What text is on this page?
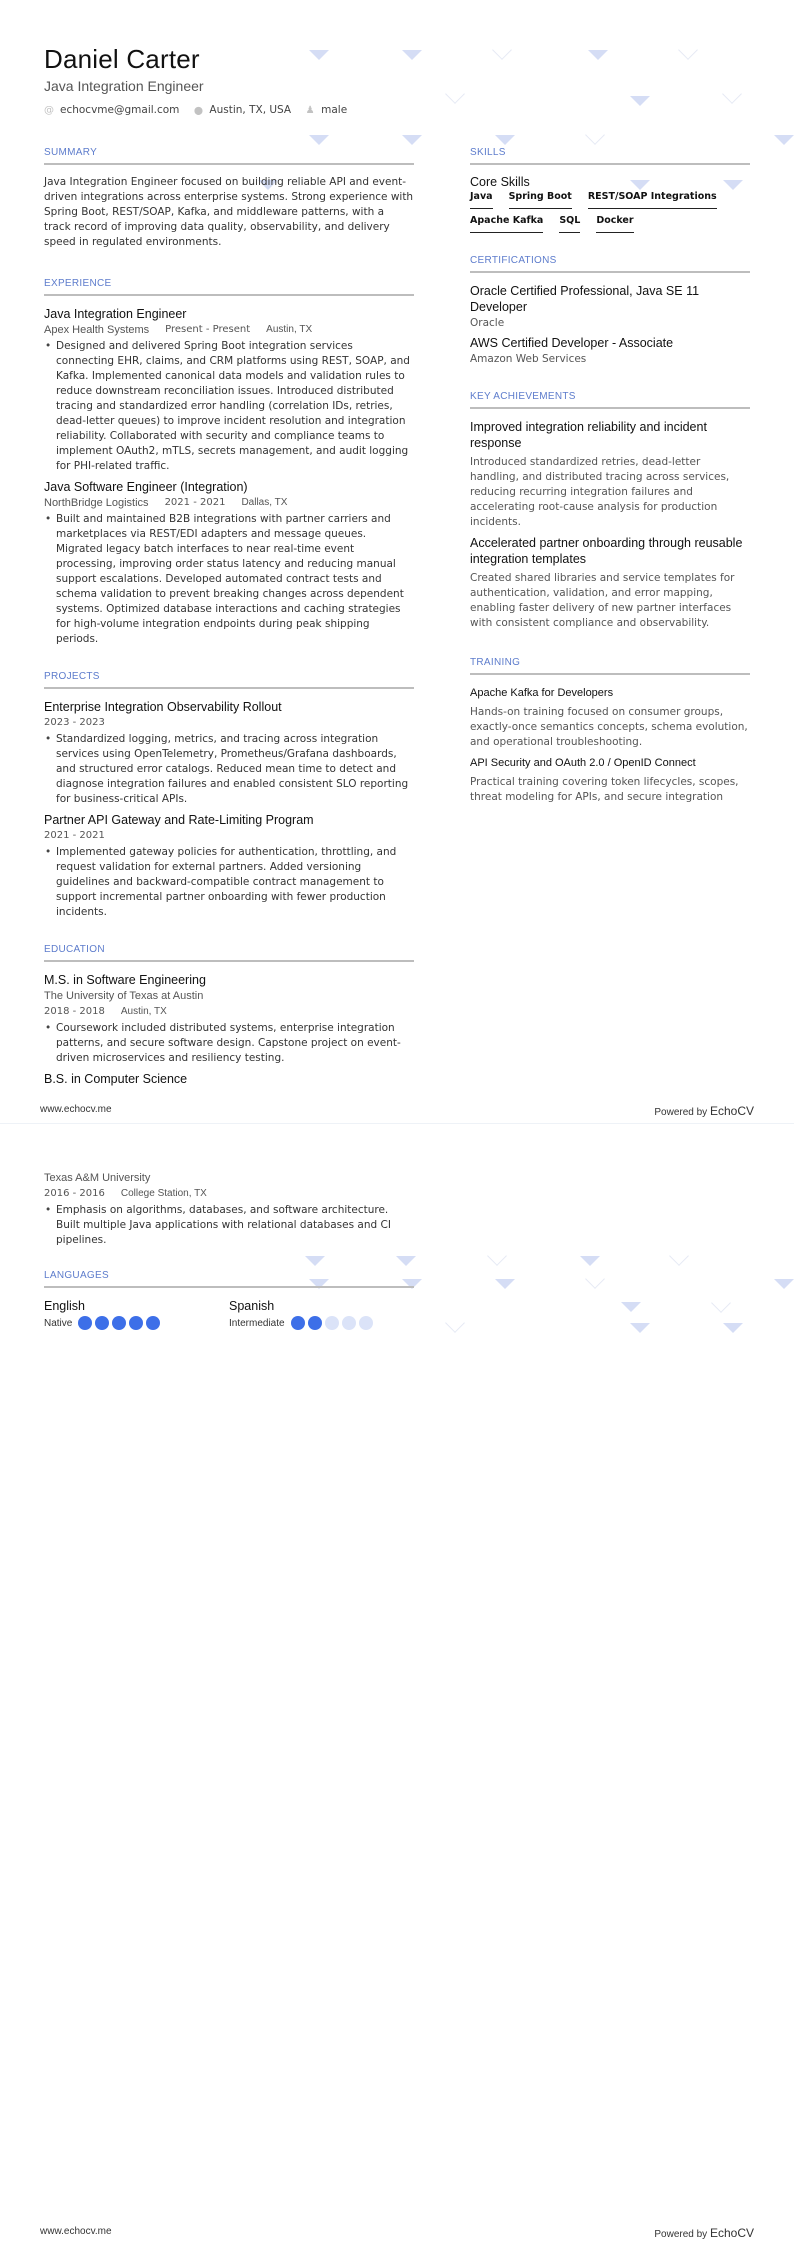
Daniel Carter
Java Integration Engineer
@ echocvme@gmail.com ⬤ Austin, TX, USA ♟ male
SUMMARY
Java Integration Engineer focused on building reliable API and event-driven integrations across enterprise systems. Strong experience with Spring Boot, REST/SOAP, Kafka, and middleware patterns, with a track record of improving data quality, observability, and delivery speed in regulated environments.
EXPERIENCE
Java Integration Engineer
Apex Health Systems Present - Present Austin, TX
• Designed and delivered Spring Boot integration services connecting EHR, claims, and CRM platforms using REST, SOAP, and Kafka. Implemented canonical data models and validation rules to reduce downstream reconciliation issues. Introduced distributed tracing and standardized error handling (correlation IDs, retries, dead-letter queues) to improve incident resolution and integration reliability. Collaborated with security and compliance teams to implement OAuth2, mTLS, secrets management, and audit logging for PHI-related traffic.
Java Software Engineer (Integration)
NorthBridge Logistics 2021 - 2021 Dallas, TX
• Built and maintained B2B integrations with partner carriers and marketplaces via REST/EDI adapters and message queues. Migrated legacy batch interfaces to near real-time event processing, improving order status latency and reducing manual support escalations. Developed automated contract tests and schema validation to prevent breaking changes across dependent systems. Optimized database interactions and caching strategies for high-volume integration endpoints during peak shipping periods.
PROJECTS
Enterprise Integration Observability Rollout
2023 - 2023
• Standardized logging, metrics, and tracing across integration services using OpenTelemetry, Prometheus/Grafana dashboards, and structured error catalogs. Reduced mean time to detect and diagnose integration failures and enabled consistent SLO reporting for business-critical APIs.
Partner API Gateway and Rate-Limiting Program
2021 - 2021
• Implemented gateway policies for authentication, throttling, and request validation for external partners. Added versioning guidelines and backward-compatible contract management to support incremental partner onboarding with fewer production incidents.
EDUCATION
M.S. in Software Engineering
The University of Texas at Austin
2018 - 2018 Austin, TX
• Coursework included distributed systems, enterprise integration patterns, and secure software design. Capstone project on event-driven microservices and resiliency testing.
B.S. in Computer Science
SKILLS
Core Skills
Java Spring Boot REST/SOAP Integrations
Apache Kafka SQL Docker
CERTIFICATIONS
Oracle Certified Professional, Java SE 11 Developer
Oracle
AWS Certified Developer - Associate
Amazon Web Services
KEY ACHIEVEMENTS
Improved integration reliability and incident response
Introduced standardized retries, dead-letter handling, and distributed tracing across services, reducing recurring integration failures and accelerating root-cause analysis for production incidents.
Accelerated partner onboarding through reusable integration templates
Created shared libraries and service templates for authentication, validation, and error mapping, enabling faster delivery of new partner interfaces with consistent compliance and observability.
TRAINING
Apache Kafka for Developers
Hands-on training focused on consumer groups, exactly-once semantics concepts, schema evolution, and operational troubleshooting.
API Security and OAuth 2.0 / OpenID Connect
Practical training covering token lifecycles, scopes, threat modeling for APIs, and secure integration
www.echocv.me	Powered by EchoCV
Texas A&M University
2016 - 2016 College Station, TX
• Emphasis on algorithms, databases, and software architecture. Built multiple Java applications with relational databases and CI pipelines.
LANGUAGES
English
Native
Spanish
Intermediate
www.echocv.me	Powered by EchoCV
